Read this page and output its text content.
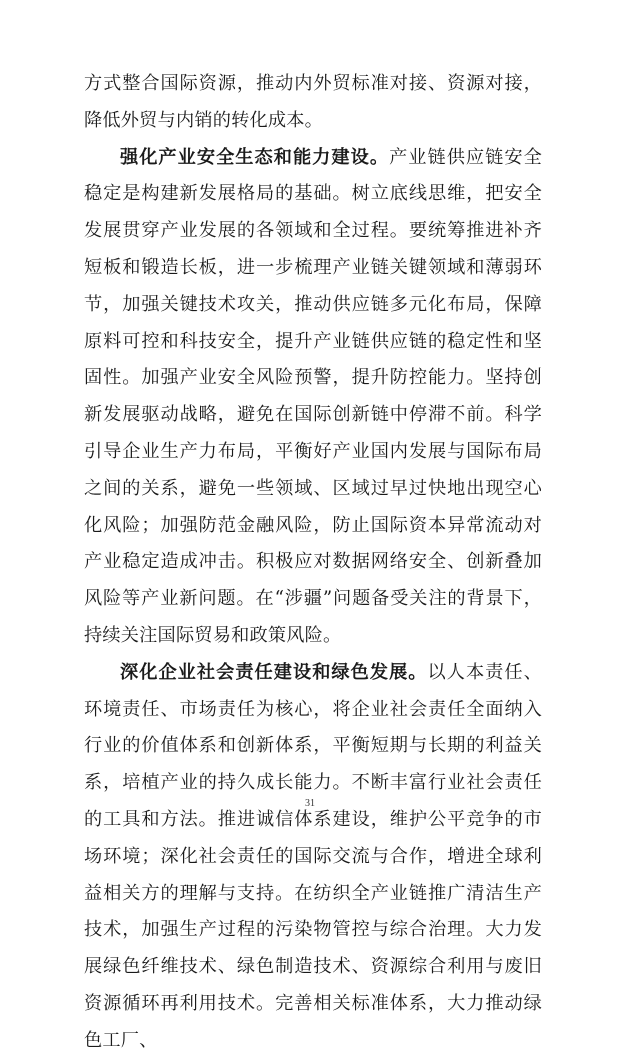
方式整合国际资源，推动内外贸标准对接、资源对接，降低外贸与内销的转化成本。

强化产业安全生态和能力建设。产业链供应链安全稳定是构建新发展格局的基础。树立底线思维，把安全发展贯穿产业发展的各领域和全过程。要统筹推进补齐短板和锻造长板，进一步梳理产业链关键领域和薄弱环节，加强关键技术攻关，推动供应链多元化布局，保障原料可控和科技安全，提升产业链供应链的稳定性和坚固性。加强产业安全风险预警，提升防控能力。坚持创新发展驱动战略，避免在国际创新链中停滞不前。科学引导企业生产力布局，平衡好产业国内发展与国际布局之间的关系，避免一些领域、区域过早过快地出现空心化风险；加强防范金融风险，防止国际资本异常流动对产业稳定造成冲击。积极应对数据网络安全、创新叠加风险等产业新问题。在“涉疆”问题备受关注的背景下，持续关注国际贸易和政策风险。

深化企业社会责任建设和绿色发展。以人本责任、环境责任、市场责任为核心，将企业社会责任全面纳入行业的价值体系和创新体系，平衡短期与长期的利益关系，培植产业的持久成长能力。不断丰富行业社会责任的工具和方法。推进诚信体系建设，维护公平竞争的市场环境；深化社会责任的国际交流与合作，增进全球利益相关方的理解与支持。在纺织全产业链推广清洁生产技术，加强生产过程的污染物管控与综合治理。大力发展绿色纤维技术、绿色制造技术、资源综合利用与废旧资源循环再利用技术。完善相关标准体系，大力推动绿色工厂、

31
